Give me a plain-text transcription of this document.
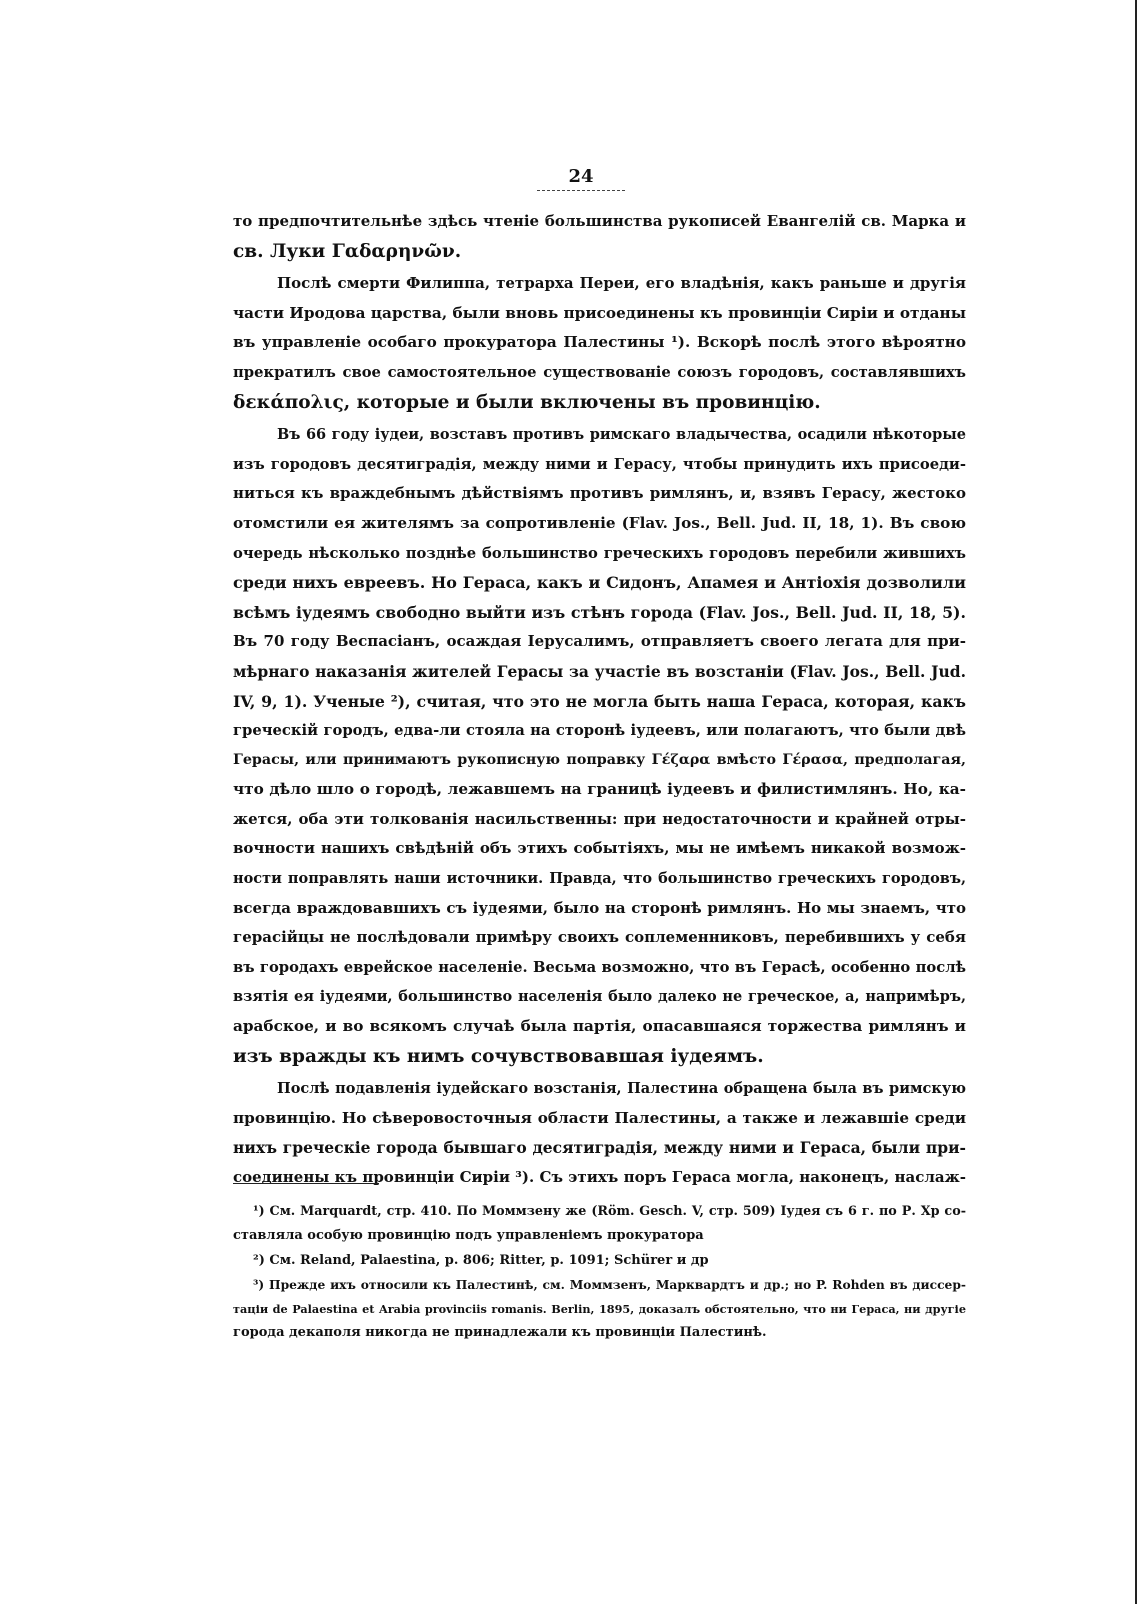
24
то предпочтительнѣе здѣсь чтеніе большинства рукописей Евангелій св. Марка и
св. Луки Γαδαρηνῶν.
Послѣ смерти Филиппа, тетрарха Переи, его владѣнія, какъ раньше и другія
части Иродова царства, были вновь присоединены къ провинціи Сиріи и отданы
въ управленіе особаго прокуратора Палестины ¹). Вскорѣ послѣ этого вѣроятно
прекратилъ свое самостоятельное существованіе союзъ городовъ, составлявшихъ
δεκάπολις, которые и были включены въ провинцію.
Въ 66 году іудеи, возставъ противъ римскаго владычества, осадили нѣкоторые
изъ городовъ десятиградія, между ними и Герасу, чтобы принудить ихъ присоеди-
ниться къ враждебнымъ дѣйствіямъ противъ римлянъ, и, взявъ Герасу, жестоко
отомстили ея жителямъ за сопротивленіе (Flav. Jos., Bell. Jud. II, 18, 1). Въ свою
очередь нѣсколько позднѣе большинство греческихъ городовъ перебили жившихъ
среди нихъ евреевъ. Но Гераса, какъ и Сидонъ, Апамея и Антіохія дозволили
всѣмъ іудеямъ свободно выйти изъ стѣнъ города (Flav. Jos., Bell. Jud. II, 18, 5).
Въ 70 году Веспасіанъ, осаждая Іерусалимъ, отправляетъ своего легата для при-
мѣрнаго наказанія жителей Герасы за участіе въ возстаніи (Flav. Jos., Bell. Jud.
IV, 9, 1). Ученые ²), считая, что это не могла быть наша Гераса, которая, какъ
греческій городъ, едва-ли стояла на сторонѣ іудеевъ, или полагаютъ, что были двѣ
Герасы, или принимаютъ рукописную поправку Γέζαρα вмѣсто Γέρασα, предполагая,
что дѣло шло о городѣ, лежавшемъ на границѣ іудеевъ и филистимлянъ. Но, ка-
жется, оба эти толкованія насильственны: при недостаточности и крайней отры-
вочности нашихъ свѣдѣній объ этихъ событіяхъ, мы не имѣемъ никакой возмож-
ности поправлять наши источники. Правда, что большинство греческихъ городовъ,
всегда враждовавшихъ съ іудеями, было на сторонѣ римлянъ. Но мы знаемъ, что
герасійцы не послѣдовали примѣру своихъ соплеменниковъ, перебившихъ у себя
въ городахъ еврейское населеніе. Весьма возможно, что въ Герасѣ, особенно послѣ
взятія ея іудеями, большинство населенія было далеко не греческое, а, напримѣръ,
арабское, и во всякомъ случаѣ была партія, опасавшаяся торжества римлянъ и
изъ вражды къ нимъ сочувствовавшая іудеямъ.
Послѣ подавленія іудейскаго возстанія, Палестина обращена была въ римскую
провинцію. Но сѣверовосточныя области Палестины, а также и лежавшіе среди
нихъ греческіе города бывшаго десятиградія, между ними и Гераса, были при-
соединены къ провинціи Сиріи ³). Съ этихъ поръ Гераса могла, наконецъ, наслаж-
¹) См. Marquardt, стр. 410. По Моммзену же (Röm. Gesch. V, стр. 509) Іудея съ 6 г. по Р. Хр со-
ставляла особую провинцію подъ управленіемъ прокуратора
²) См. Reland, Palaestina, p. 806; Ritter, p. 1091; Schürer и др
³) Прежде ихъ относили къ Палестинѣ, см. Моммзенъ, Марквардтъ и др.; но P. Rohden въ диссер-
таціи de Palaestina et Arabia provinciis romanis. Berlin, 1895, доказалъ обстоятельно, что ни Гераса, ни другіе
города декаполя никогда не принадлежали къ провинціи Палестинѣ.
